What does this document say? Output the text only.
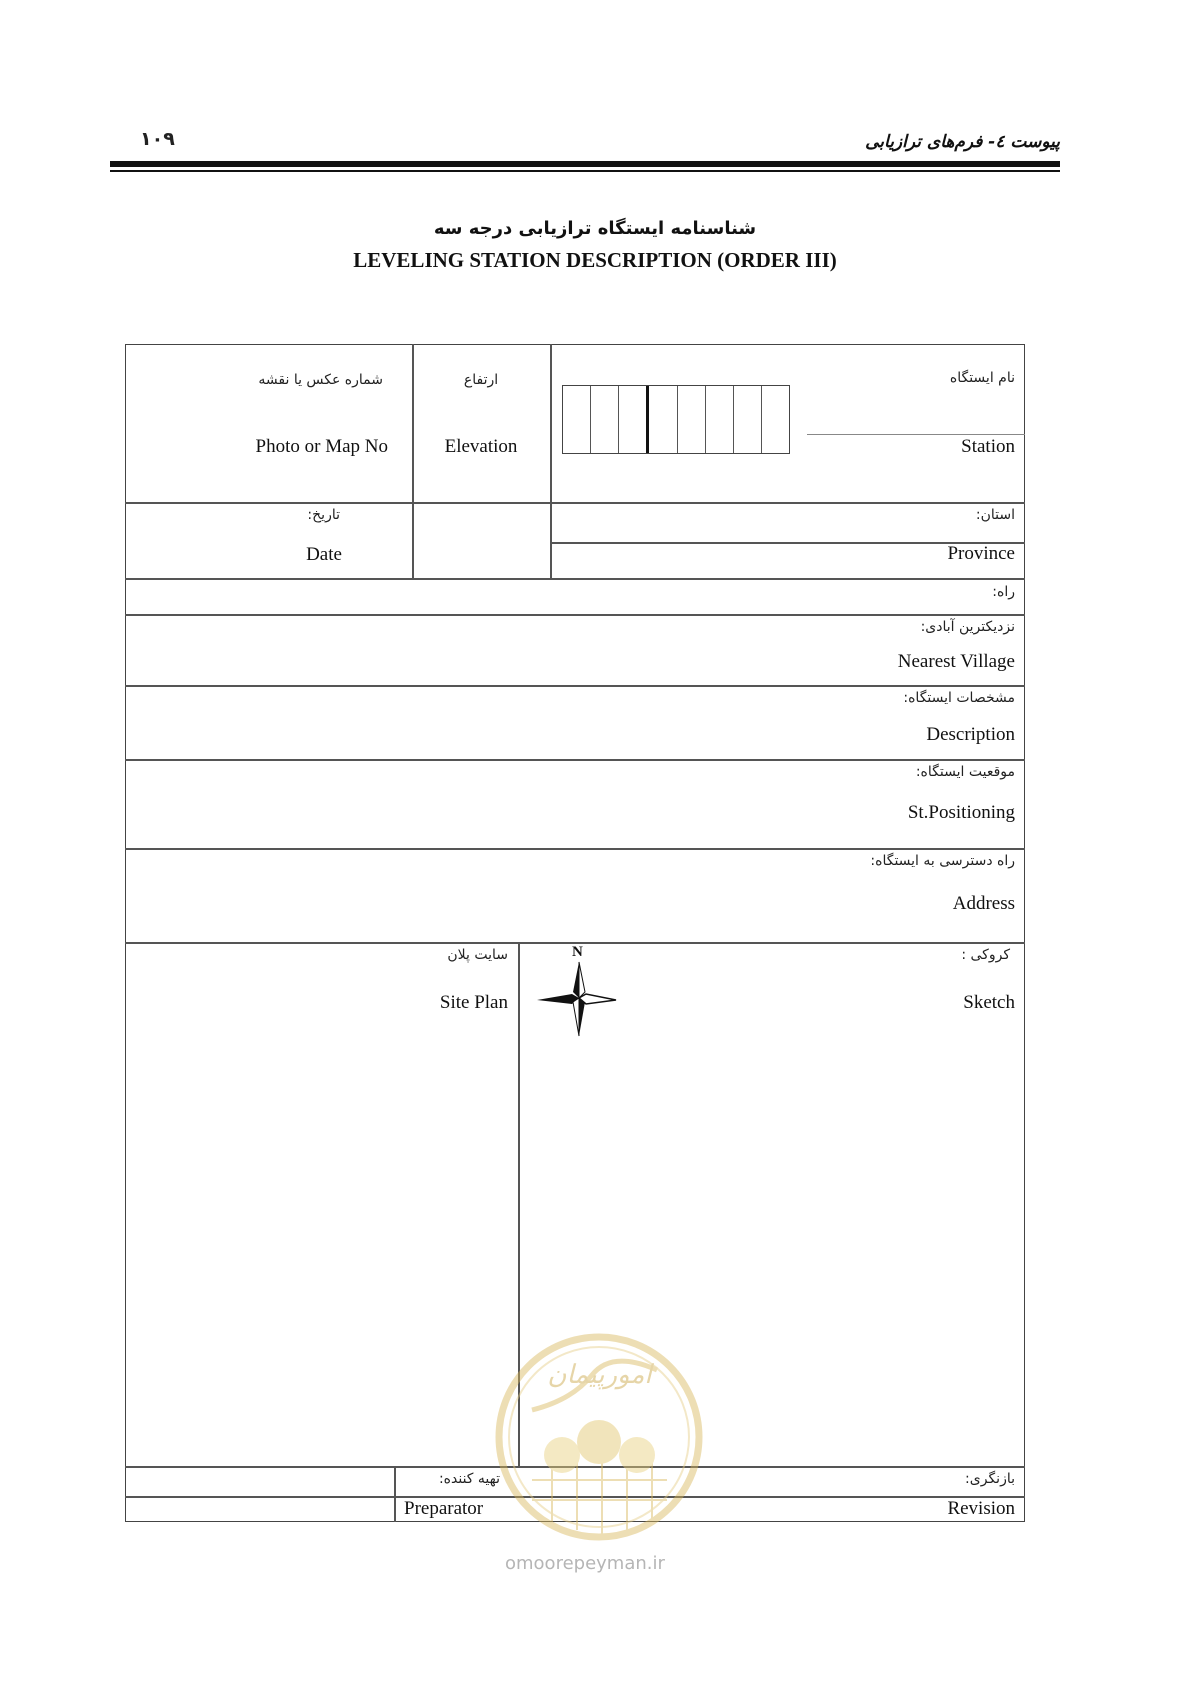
۱۰۹	پیوست ٤- فرم‌های ترازیابی
شناسنامه ایستگاه ترازیابی درجه سه
LEVELING STATION DESCRIPTION (ORDER III)
شماره عکس یا نقشه
Photo or Map No
ارتفاع
Elevation
نام ایستگاه
Station
تاریخ:
Date
استان:
Province
راه:
نزدیکترین آبادی:
Nearest Village
مشخصات ایستگاه:
Description
موقعیت ایستگاه:
St.Positioning
راه دسترسی به ایستگاه:
Address
سایت پلان
Site Plan
N	کروکی :
Sketch
تهیه کننده:
Preparator
بازنگری:
Revision
امورپیمان
omoorepeyman.ir
